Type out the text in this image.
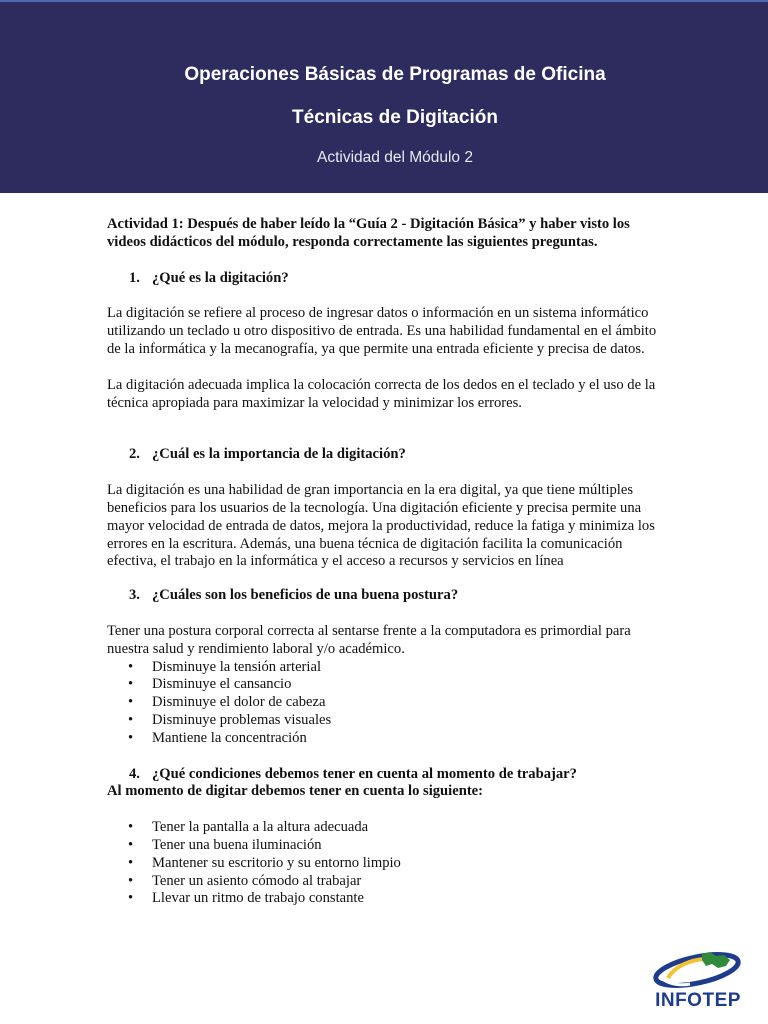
Operaciones Básicas de Programas de Oficina
Técnicas de Digitación
Actividad del Módulo 2

Actividad 1: Después de haber leído la “Guía 2 - Digitación Básica” y haber visto los videos didácticos del módulo, responda correctamente las siguientes preguntas.

1. ¿Qué es la digitación?

La digitación se refiere al proceso de ingresar datos o información en un sistema informático utilizando un teclado u otro dispositivo de entrada. Es una habilidad fundamental en el ámbito de la informática y la mecanografía, ya que permite una entrada eficiente y precisa de datos.

La digitación adecuada implica la colocación correcta de los dedos en el teclado y el uso de la técnica apropiada para maximizar la velocidad y minimizar los errores.

2. ¿Cuál es la importancia de la digitación?

La digitación es una habilidad de gran importancia en la era digital, ya que tiene múltiples beneficios para los usuarios de la tecnología. Una digitación eficiente y precisa permite una mayor velocidad de entrada de datos, mejora la productividad, reduce la fatiga y minimiza los errores en la escritura. Además, una buena técnica de digitación facilita la comunicación efectiva, el trabajo en la informática y el acceso a recursos y servicios en línea

3. ¿Cuáles son los beneficios de una buena postura?

Tener una postura corporal correcta al sentarse frente a la computadora es primordial para nuestra salud y rendimiento laboral y/o académico.

• Disminuye la tensión arterial
• Disminuye el cansancio
• Disminuye el dolor de cabeza
• Disminuye problemas visuales
• Mantiene la concentración

4. ¿Qué condiciones debemos tener en cuenta al momento de trabajar?

Al momento de digitar debemos tener en cuenta lo siguiente:

• Tener la pantalla a la altura adecuada
• Tener una buena iluminación
• Mantener su escritorio y su entorno limpio
• Tener un asiento cómodo al trabajar
• Llevar un ritmo de trabajo constante
INFOTEP
